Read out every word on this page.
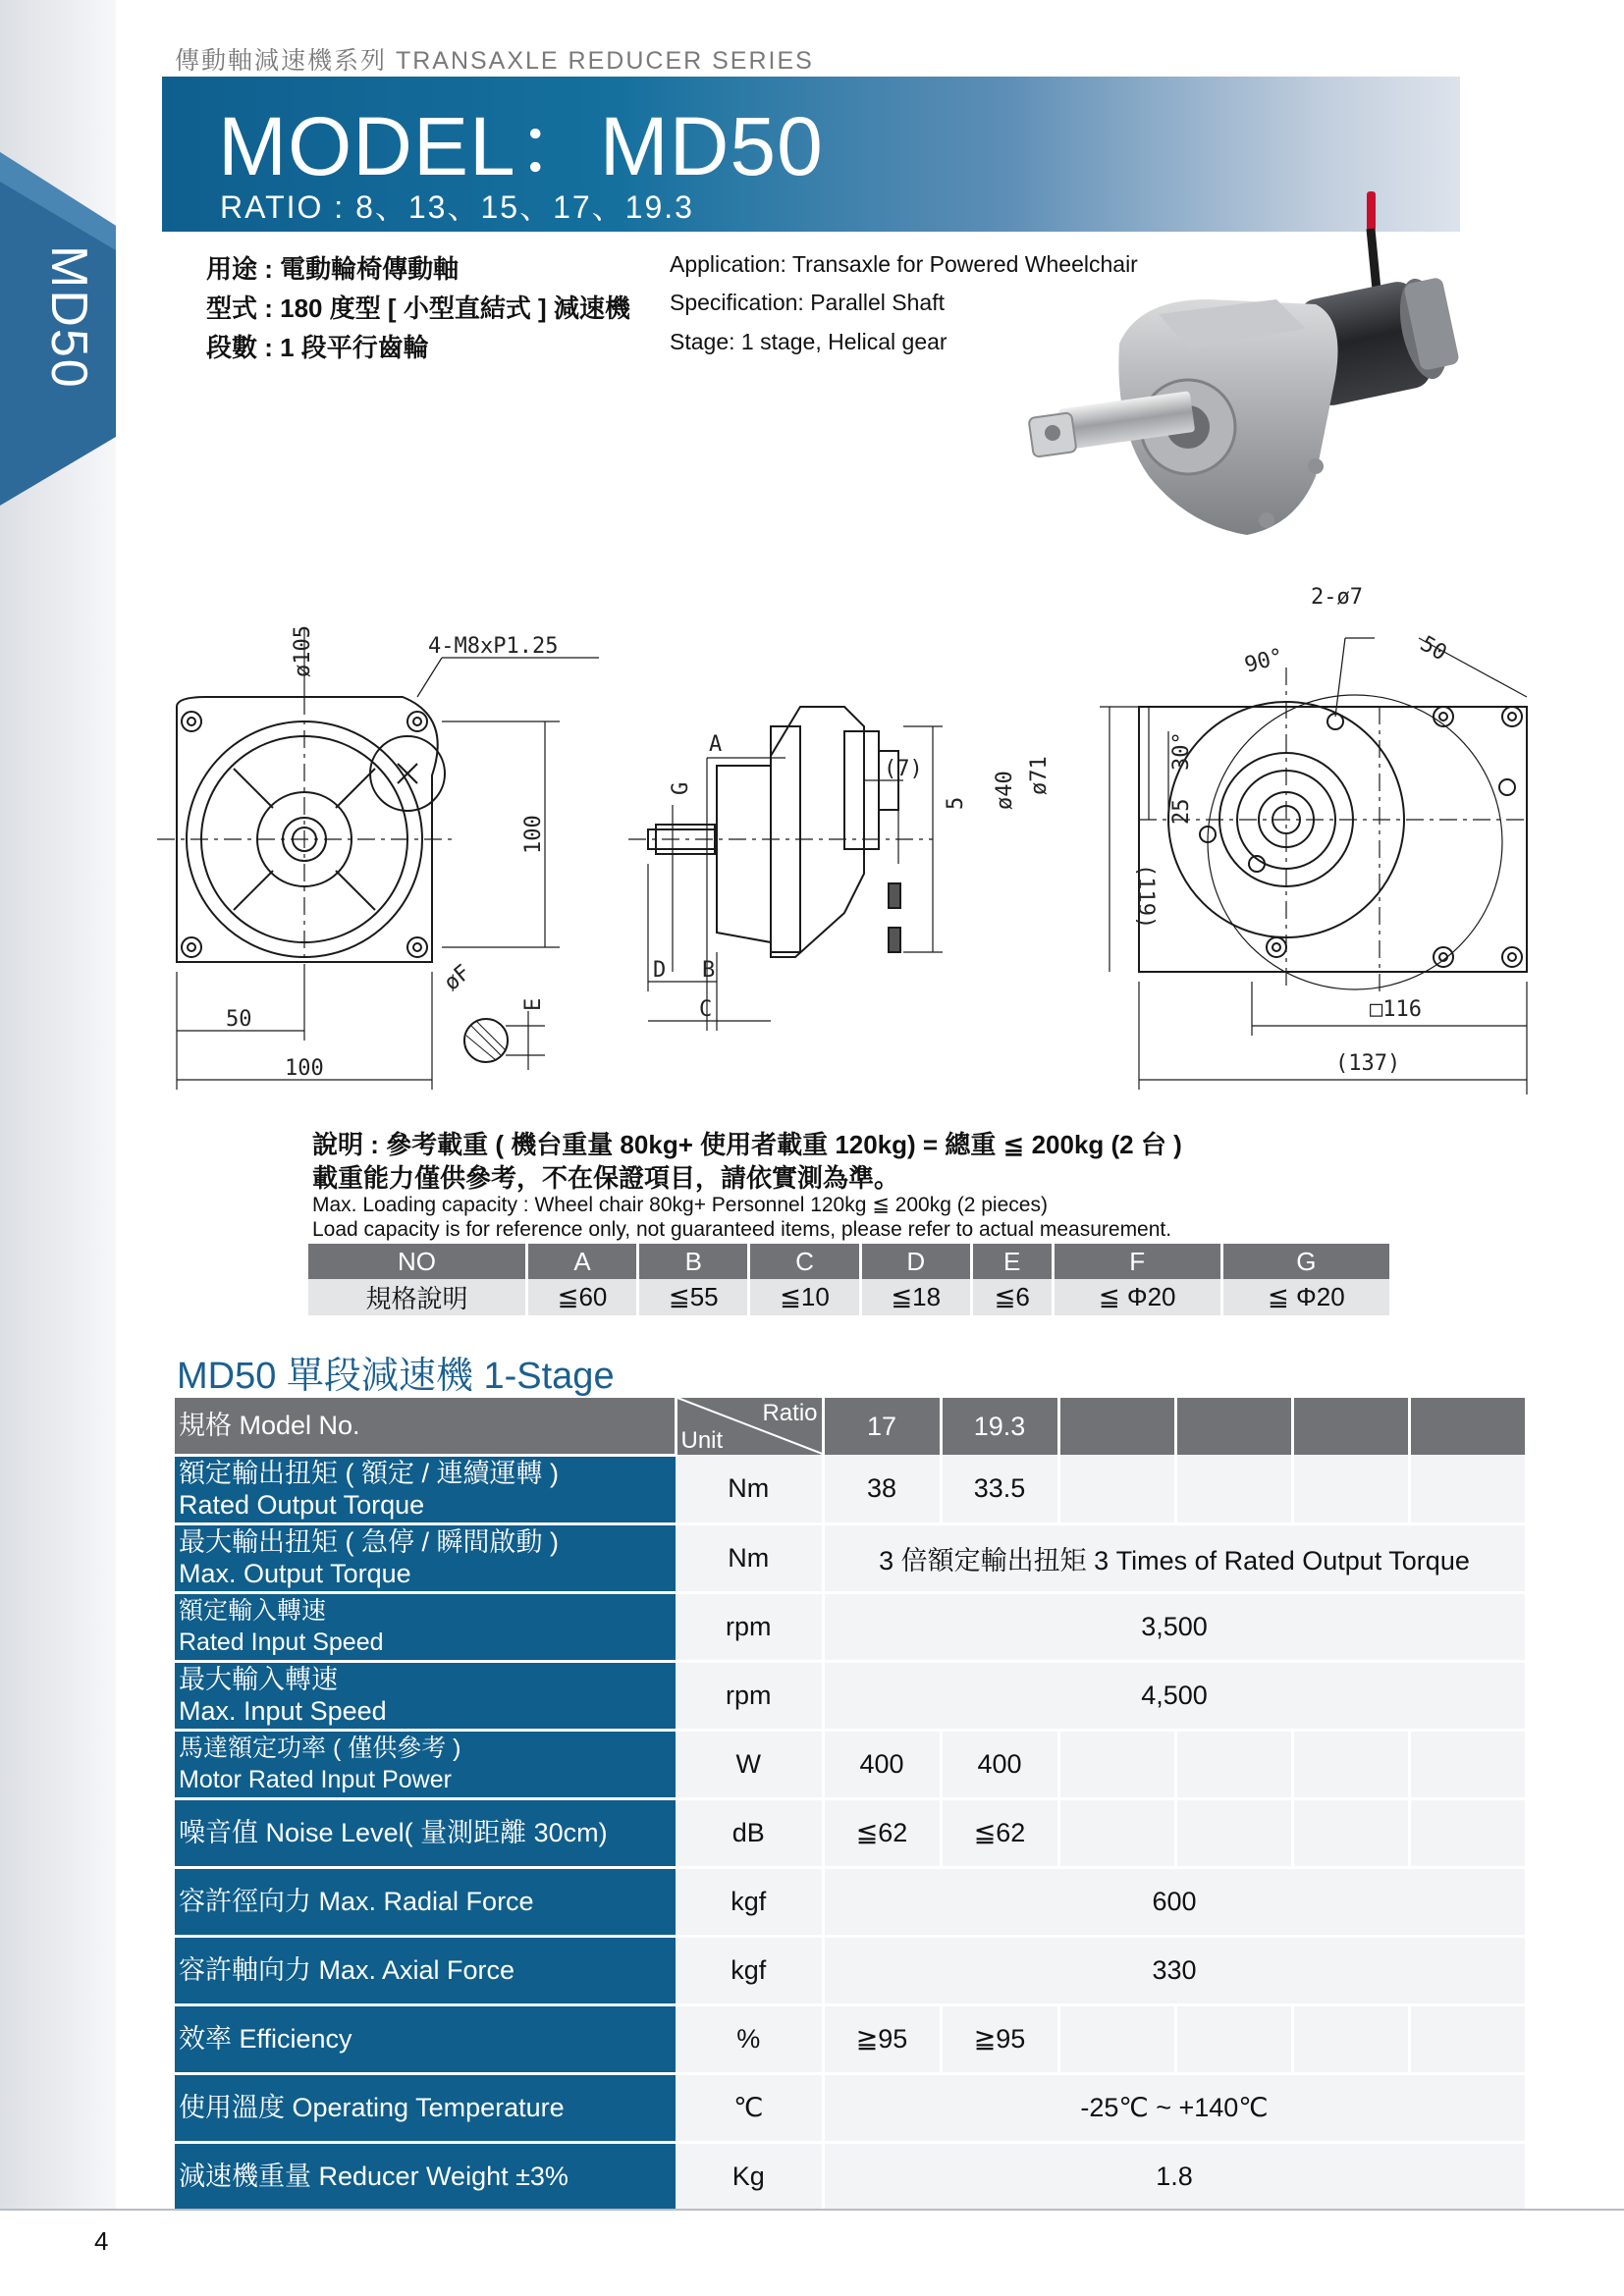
MD50
傳動軸減速機系列 TRANSAXLE REDUCER SERIES
MODEL：MD50
RATIO : 8、13、15、17、19.3
用途 : 電動輪椅傳動軸
型式 : 180 度型 [ 小型直結式 ] 減速機
段數 : 1 段平行齒輪
Application: Transaxle for Powered Wheelchair
Specification: Parallel Shaft
Stage: 1 stage, Helical gear
ø105	4-M8xP1.25
100
50
100
øF
E
A
G
D B
C
(7)
5 ø40 ø71
2-ø7
90°	50
30°
25
(119)
□116
(137)
說明 : 參考載重 ( 機台重量 80kg+ 使用者載重 120kg) = 總重 ≦ 200kg (2 台 )
載重能力僅供參考，不在保證項目，請依實測為準。
Max. Loading capacity : Wheel chair 80kg+ Personnel 120kg ≦ 200kg (2 pieces)
Load capacity is for reference only, not guaranteed items, please refer to actual measurement.
NO	A	B	C	D	E	F	G
規格說明	≦60	≦55	≦10	≦18	≦6	≦ Φ20	≦ Φ20
MD50 單段減速機 1-Stage
規格 Model No.	Ratio
Unit	17	19.3				

額定輸出扭矩 ( 額定 / 連續運轉 )
Rated Output Torque	Nm	38	33.5				

最大輸出扭矩 ( 急停 / 瞬間啟動 )
Max. Output Torque	Nm	3 倍額定輸出扭矩 3 Times of Rated Output Torque					

額定輸入轉速
Rated Input Speed	rpm	3,500					

最大輸入轉速
Max. Input Speed	rpm	4,500					

馬達額定功率 ( 僅供參考 )
Motor Rated Input Power	W	400	400				
噪音值 Noise Level( 量測距離 30cm)	dB	≦62	≦62				
容許徑向力 Max. Radial Force	kgf	600					
容許軸向力 Max. Axial Force	kgf	330					
效率 Efficiency	%	≧95	≧95				
使用溫度 Operating Temperature	℃	-25℃ ~ +140℃					
減速機重量 Reducer Weight ±3%	Kg	1.8					
4
